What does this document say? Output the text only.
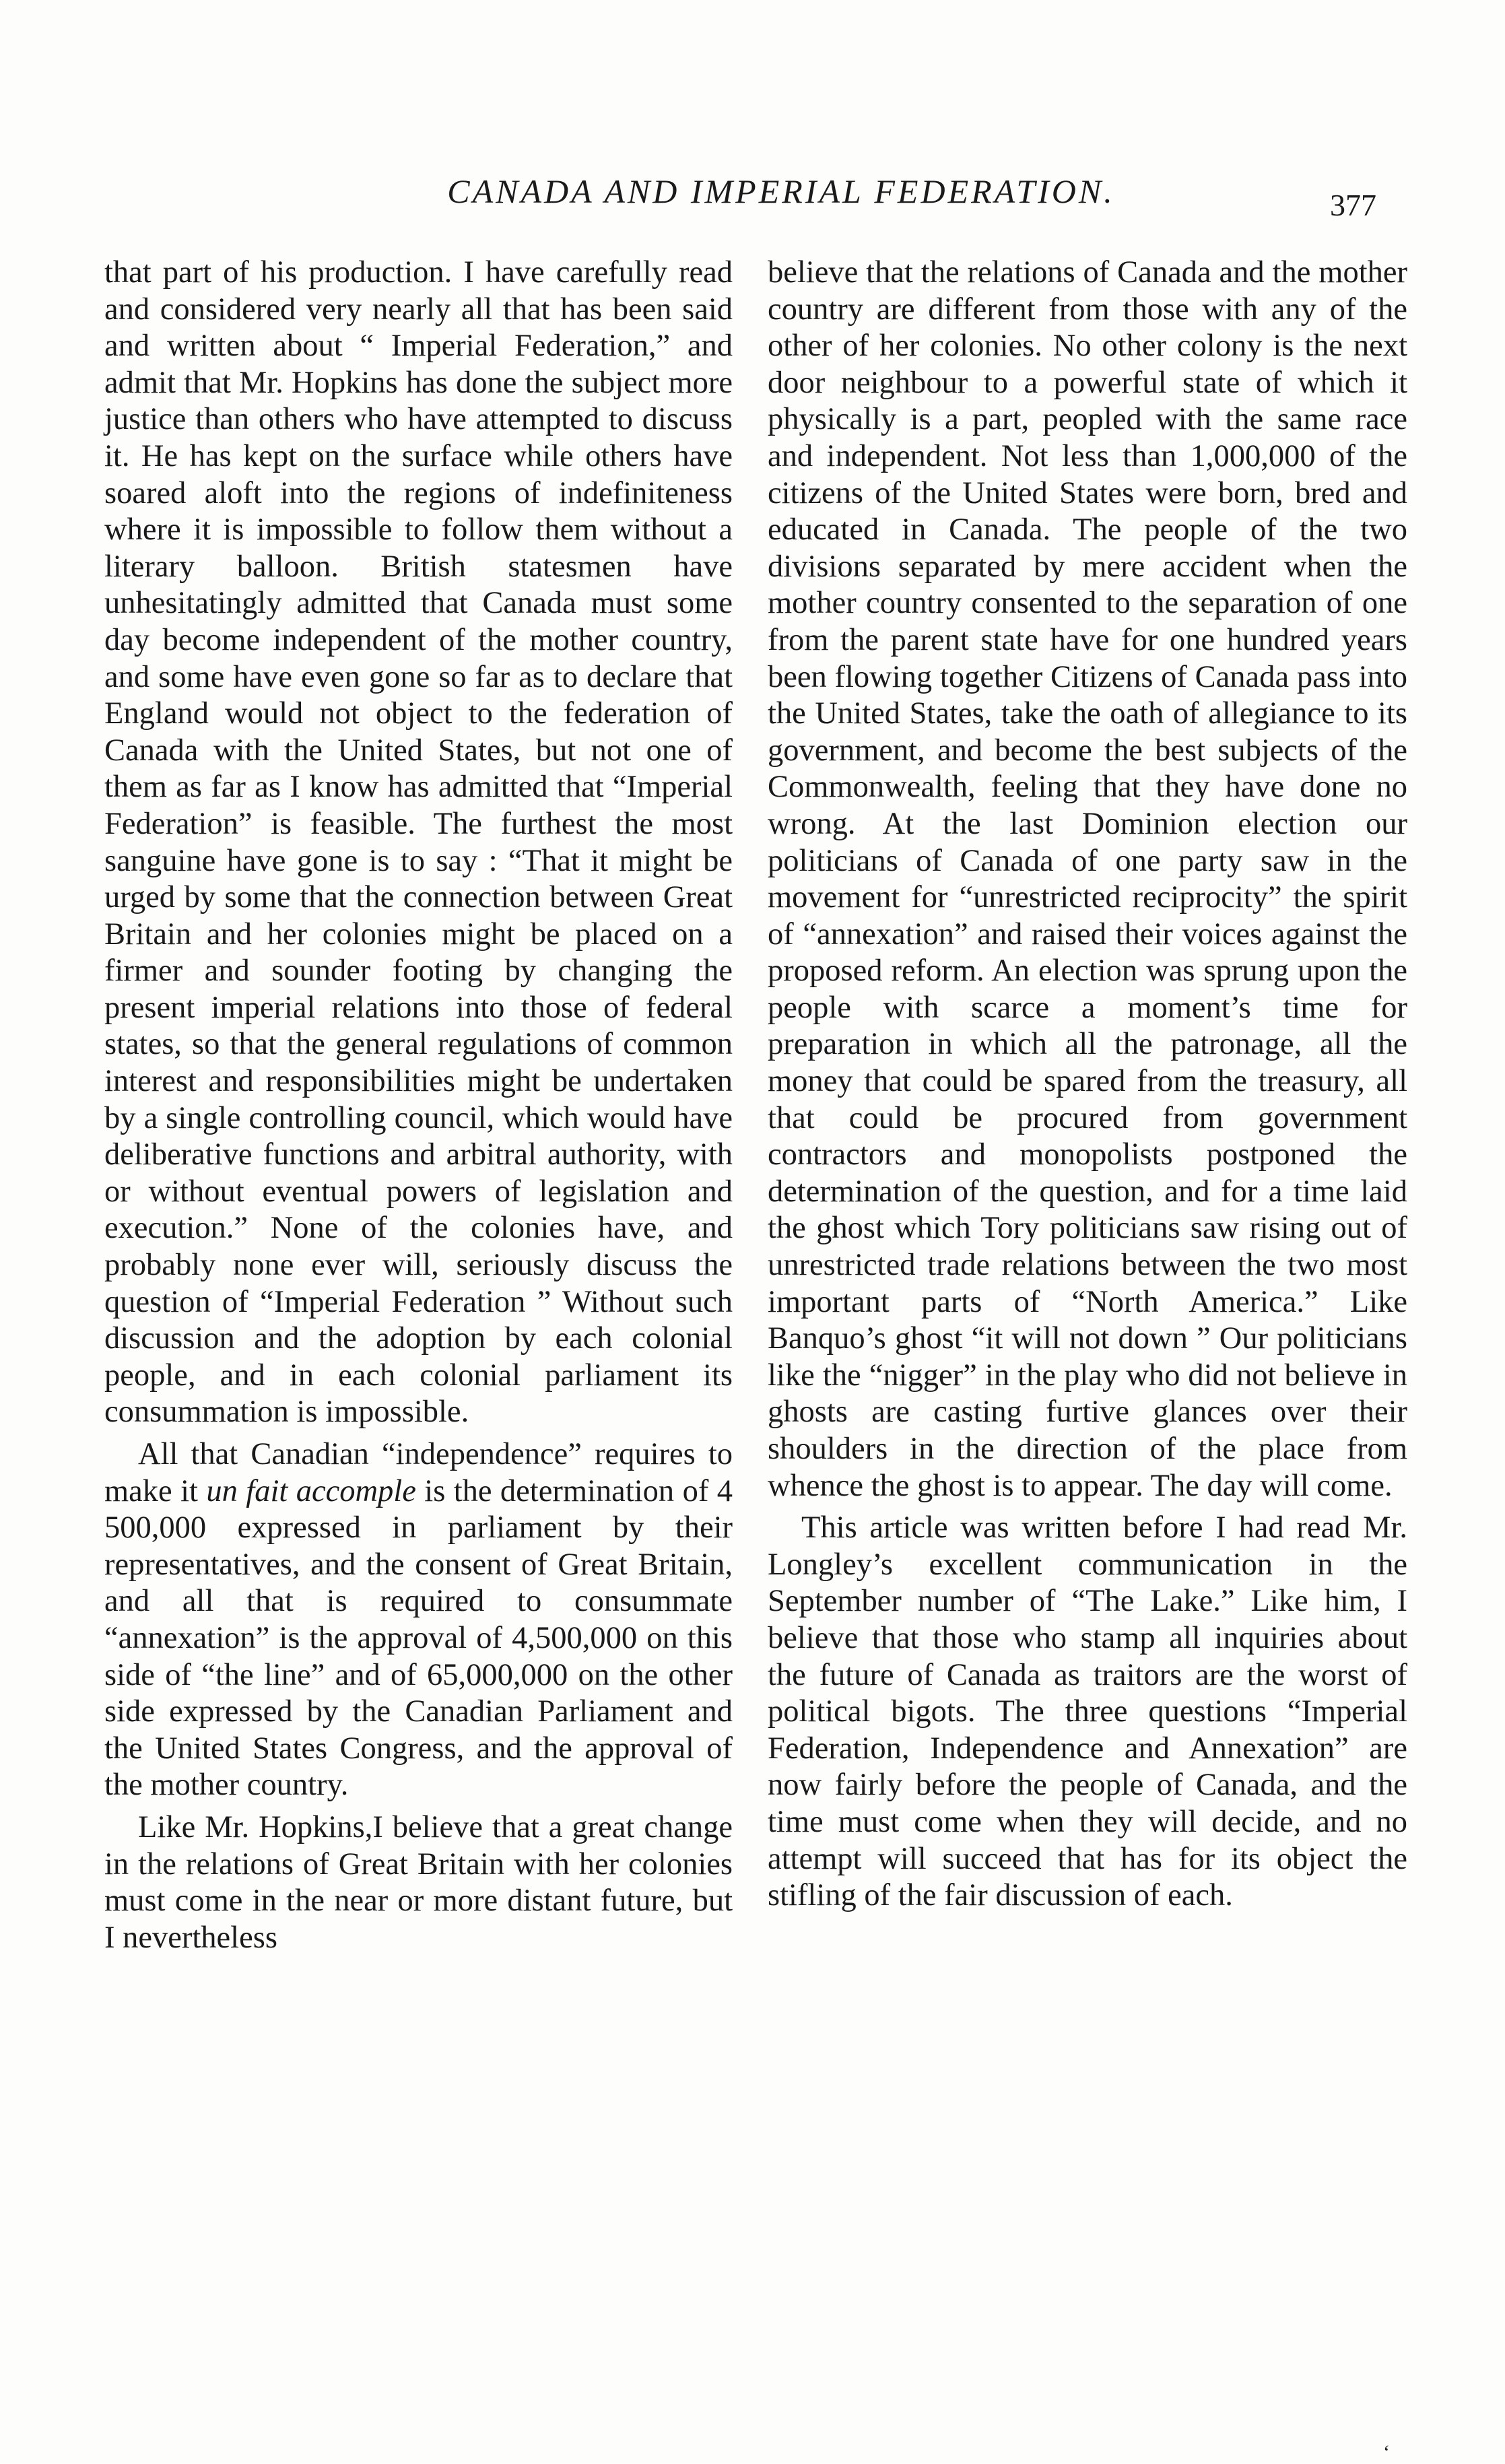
CANADA AND IMPERIAL FEDERATION.	377

that part of his production. I have carefully read and considered very nearly all that has been said and written about “ Imperial Federation,” and admit that Mr. Hopkins has done the subject more justice than others who have attempted to discuss it. He has kept on the surface while others have soared aloft into the regions of indefiniteness where it is impossible to follow them without a literary balloon. British statesmen have unhesitatingly admitted that Canada must some day become independent of the mother country, and some have even gone so far as to declare that England would not object to the federation of Canada with the United States, but not one of them as far as I know has admitted that “Imperial Federation” is feasible. The furthest the most sanguine have gone is to say : “That it might be urged by some that the connection between Great Britain and her colonies might be placed on a firmer and sounder footing by changing the present imperial relations into those of federal states, so that the general regulations of common interest and responsibilities might be undertaken by a single controlling council, which would have deliberative functions and arbitral authority, with or without eventual powers of legislation and execution.” None of the colonies have, and probably none ever will, seriously discuss the question of “Imperial Federation ” Without such discussion and the adoption by each colonial people, and in each colonial parliament its consummation is impossible.

All that Canadian “independence” requires to make it un fait accomple is the determination of 4 500,000 expressed in parliament by their representatives, and the consent of Great Britain, and all that is required to consummate “annexation” is the approval of 4,500,000 on this side of “the line” and of 65,000,000 on the other side expressed by the Canadian Parliament and the United States Congress, and the approval of the mother country.

Like Mr. Hopkins,I believe that a great change in the relations of Great Britain with her colonies must come in the near or more distant future, but I nevertheless

believe that the relations of Canada and the mother country are different from those with any of the other of her colonies. No other colony is the next door neighbour to a powerful state of which it physically is a part, peopled with the same race and independent. Not less than 1,000,000 of the citizens of the United States were born, bred and educated in Canada. The people of the two divisions separated by mere accident when the mother country consented to the separation of one from the parent state have for one hundred years been flowing together Citizens of Canada pass into the United States, take the oath of allegiance to its government, and become the best subjects of the Commonwealth, feeling that they have done no wrong. At the last Dominion election our politicians of Canada of one party saw in the movement for “unrestricted reciprocity” the spirit of “annexation” and raised their voices against the proposed reform. An election was sprung upon the people with scarce a moment’s time for preparation in which all the patronage, all the money that could be spared from the treasury, all that could be procured from government contractors and monopolists postponed the determination of the question, and for a time laid the ghost which Tory politicians saw rising out of unrestricted trade relations between the two most important parts of “North America.” Like Banquo’s ghost “it will not down ” Our politicians like the “nigger” in the play who did not believe in ghosts are casting furtive glances over their shoulders in the direction of the place from whence the ghost is to appear. The day will come.

This article was written before I had read Mr. Longley’s excellent communication in the September number of “The Lake.” Like him, I believe that those who stamp all inquiries about the future of Canada as traitors are the worst of political bigots. The three questions “Imperial Federation, Independence and Annexation” are now fairly before the people of Canada, and the time must come when they will decide, and no attempt will succeed that has for its object the stifling of the fair discussion of each.

ʻ
